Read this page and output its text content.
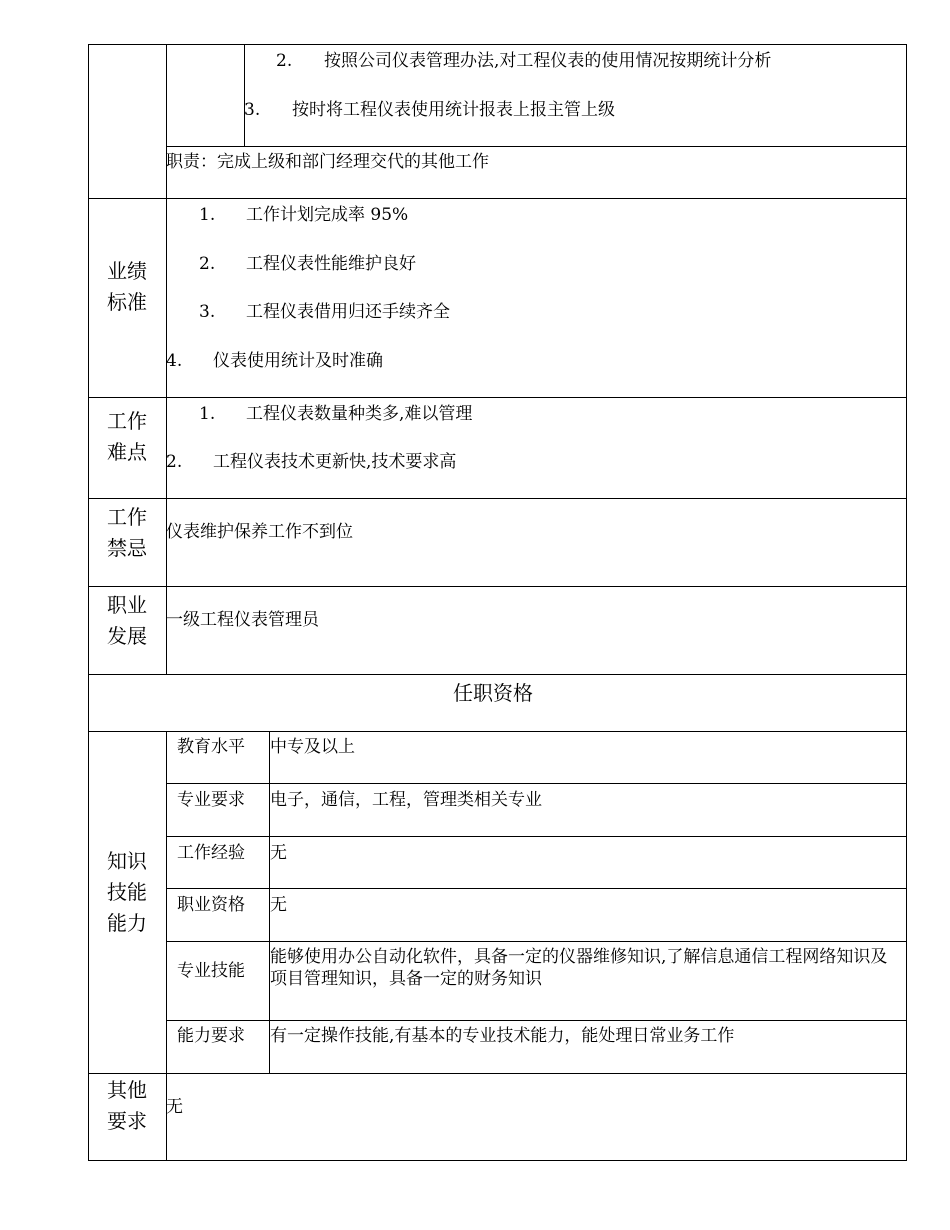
2. 按照公司仪表管理办法,对工程仪表的使用情况按期统计分析
3. 按时将工程仪表使用统计报表上报主管上级
职责：完成上级和部门经理交代的其他工作
业绩
标准
1. 工作计划完成率 95%
2. 工程仪表性能维护良好
3. 工程仪表借用归还手续齐全
4. 仪表使用统计及时准确
工作
难点
1. 工程仪表数量种类多,难以管理
2. 工程仪表技术更新快,技术要求高
工作
禁忌
仪表维护保养工作不到位
职业
发展
一级工程仪表管理员
任职资格
知识
技能
能力
教育水平 中专及以上
专业要求 电子，通信，工程，管理类相关专业
工作经验 无
职业资格 无
专业技能
能够使用办公自动化软件，具备一定的仪器维修知识,了解信息通信工程网络知识及项目管理知识，具备一定的财务知识
能力要求 有一定操作技能,有基本的专业技术能力，能处理日常业务工作
其他
要求
无
